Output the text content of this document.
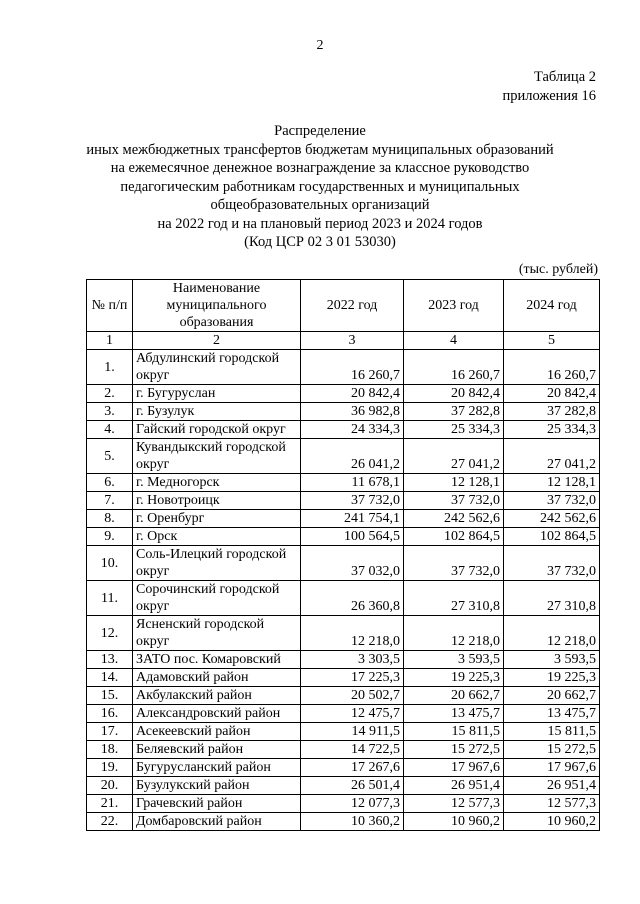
2
Таблица 2
приложения 16
Распределение
иных межбюджетных трансфертов бюджетам муниципальных образований
на ежемесячное денежное вознаграждение за классное руководство
педагогическим работникам государственных и муниципальных
общеобразовательных организаций
на 2022 год и на плановый период 2023 и 2024 годов
(Код ЦСР 02 3 01 53030)
(тыс. рублей)
№ п/п	Наименование муниципального образования	2022 год	2023 год	2024 год
1	2	3	4	5
1.	Абдулинский городской округ	16 260,7	16 260,7	16 260,7
2.	г. Бугуруслан	20 842,4	20 842,4	20 842,4
3.	г. Бузулук	36 982,8	37 282,8	37 282,8
4.	Гайский городской округ	24 334,3	25 334,3	25 334,3
5.	Кувандыкский городской округ	26 041,2	27 041,2	27 041,2
6.	г. Медногорск	11 678,1	12 128,1	12 128,1
7.	г. Новотроицк	37 732,0	37 732,0	37 732,0
8.	г. Оренбург	241 754,1	242 562,6	242 562,6
9.	г. Орск	100 564,5	102 864,5	102 864,5
10.	Соль-Илецкий городской округ	37 032,0	37 732,0	37 732,0
11.	Сорочинский городской округ	26 360,8	27 310,8	27 310,8
12.	Ясненский городской округ	12 218,0	12 218,0	12 218,0
13.	ЗАТО пос. Комаровский	3 303,5	3 593,5	3 593,5
14.	Адамовский район	17 225,3	19 225,3	19 225,3
15.	Акбулакский район	20 502,7	20 662,7	20 662,7
16.	Александровский район	12 475,7	13 475,7	13 475,7
17.	Асекеевский район	14 911,5	15 811,5	15 811,5
18.	Беляевский район	14 722,5	15 272,5	15 272,5
19.	Бугурусланский район	17 267,6	17 967,6	17 967,6
20.	Бузулукский район	26 501,4	26 951,4	26 951,4
21.	Грачевский район	12 077,3	12 577,3	12 577,3
22.	Домбаровский район	10 360,2	10 960,2	10 960,2
